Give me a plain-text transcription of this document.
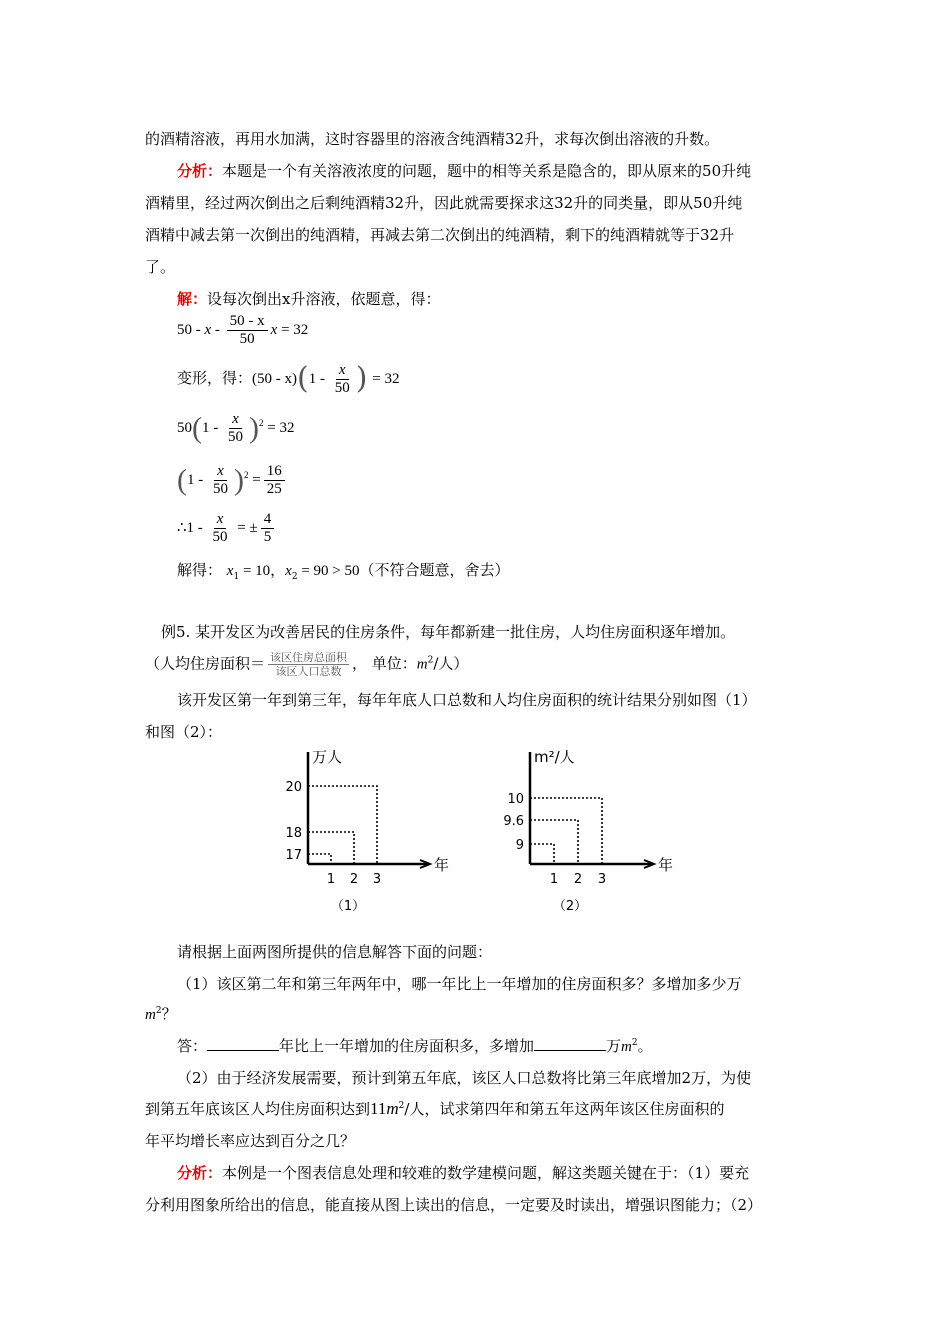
的酒精溶液，再用水加满，这时容器里的溶液含纯酒精32升，求每次倒出溶液的升数。
分析：本题是一个有关溶液浓度的问题，题中的相等关系是隐含的，即从原来的50升纯
酒精里，经过两次倒出之后剩纯酒精32升，因此就需要探求这32升的同类量，即从50升纯
酒精中减去第一次倒出的纯酒精，再减去第二次倒出的纯酒精，剩下的纯酒精就等于32升
了。
解：设每次倒出x升溶液，依题意，得：
50 - x - $\frac{50 - x}{50}$ x = 32
变形，得：$(50 - x)(1 - \frac{x}{50}$ ) = 32
$50(1 - \frac{x}{50} )^2 = 32$
$(1 - \frac{x}{50} )^2 = \frac{16}{25}$
∴1 - $\frac{x}{50}$ = ± $\frac{4}{5}$
解得： $x_1 = 10$，$x_2 = 90 > 50$（不符合题意，舍去）
例5. 某开发区为改善居民的住房条件，每年都新建一批住房，人均住房面积逐年增加。
（人均住房面积＝ 该区住房总面积
该区人口总数 ， 单位：$m^2/$人）
该开发区第一年到第三年，每年年底人口总数和人均住房面积的统计结果分别如图（1）
和图（2）：
万人
年
17
1
18
2
20
3
（1）
m²/人
年
9
1
9.6
2
10
3
（2）
请根据上面两图所提供的信息解答下面的问题：
（1）该区第二年和第三年两年中，哪一年比上一年增加的住房面积多？多增加多少万
$m^2$？
答：	年比上一年增加的住房面积多，多增加	万$m^2$。
（2）由于经济发展需要，预计到第五年底，该区人口总数将比第三年底增加2万，为使
到第五年底该区人均住房面积达到$11m^2/$人，试求第四年和第五年这两年该区住房面积的
年平均增长率应达到百分之几？
分析：本例是一个图表信息处理和较难的数学建模问题，解这类题关键在于：（1）要充
分利用图象所给出的信息，能直接从图上读出的信息，一定要及时读出，增强识图能力；（2）
